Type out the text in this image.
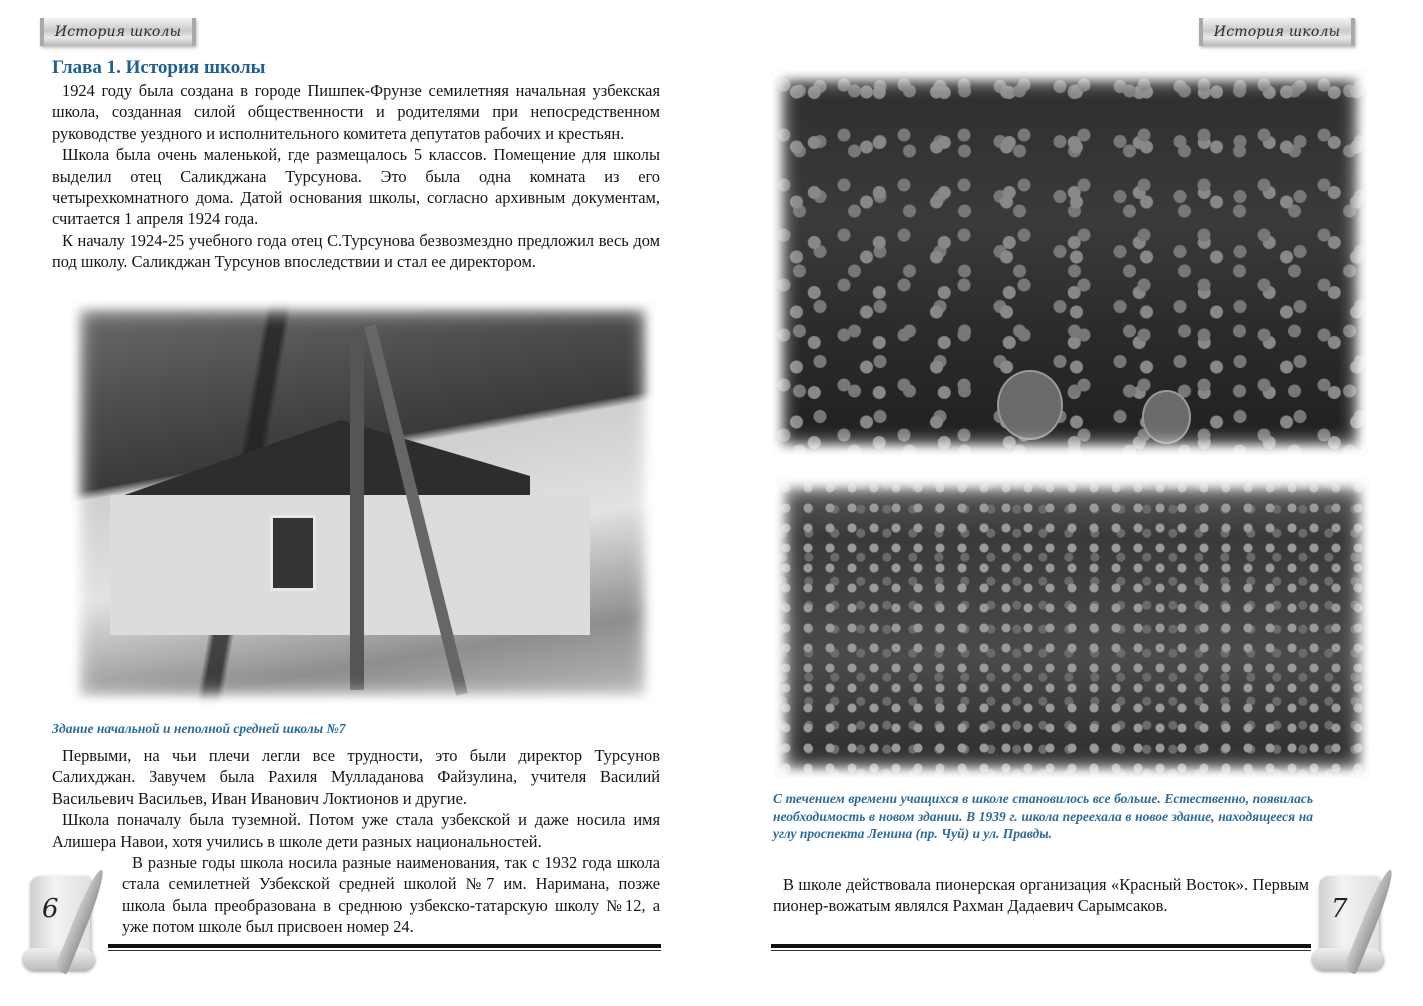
История школы
Глава 1. История школы

1924 году была создана в городе Пишпек-Фрунзе семилетняя начальная узбекская школа, созданная силой общественности и родителями при непосредственном руководстве уездного и исполнительного комитета депутатов рабочих и крестьян.

Школа была очень маленькой, где размещалось 5 классов. Помещение для школы выделил отец Саликджана Турсунова. Это была одна комната из его четырехкомнатного дома. Датой основания школы, согласно архивным документам, считается 1 апреля 1924 года.

К началу 1924-25 учебного года отец С.Турсунова безвозмездно предложил весь дом под школу. Саликджан Турсунов впоследствии и стал ее директором.

Здание начальной и неполной средней школы №7

Первыми, на чьи плечи легли все трудности, это были директор Турсунов Салихджан. Завучем была Рахиля Мулладанова Файзулина, учителя Василий Васильевич Васильев, Иван Иванович Локтионов и другие.

Школа поначалу была туземной. Потом уже стала узбекской и даже носила имя Алишера Навои, хотя учились в школе дети разных национальностей.

В разные годы школа носила разные наименования, так с 1932 года школа стала семилетней Узбекской средней школой №7 им. Наримана, позже школа была преобразована в среднюю узбекско-татарскую школу №12, а уже потом школе был присвоен номер 24.

6
История школы
С течением времени учащихся в школе становилось все больше. Естественно, появилась необходимость в новом здании. В 1939 г. школа переехала в новое здание, находящееся на углу проспекта Ленина (пр. Чуй) и ул. Правды.

В школе действовала пионерская организация «Красный Восток». Первым пионер-вожатым являлся Рахман Дадаевич Сарымсаков.	7
